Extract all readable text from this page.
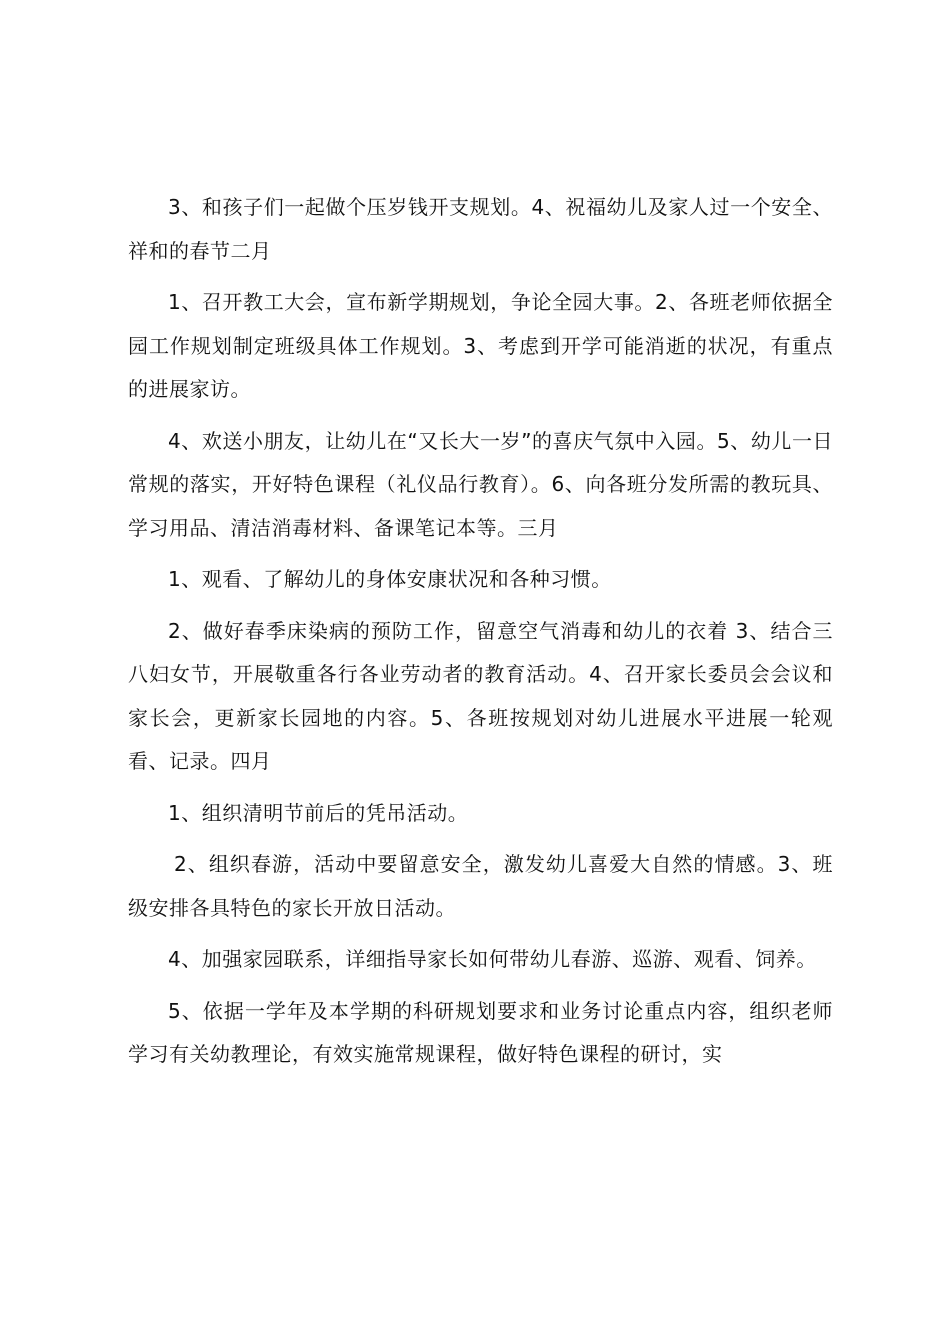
3、和孩子们一起做个压岁钱开支规划。4、祝福幼儿及家人过一个安全、祥和的春节二月

1、召开教工大会，宣布新学期规划，争论全园大事。2、各班老师依据全园工作规划制定班级具体工作规划。3、考虑到开学可能消逝的状况，有重点的进展家访。

4、欢送小朋友，让幼儿在“又长大一岁”的喜庆气氛中入园。5、幼儿一日常规的落实，开好特色课程（礼仪品行教育）。6、向各班分发所需的教玩具、学习用品、清洁消毒材料、备课笔记本等。三月

1、观看、了解幼儿的身体安康状况和各种习惯。

2、做好春季床染病的预防工作，留意空气消毒和幼儿的衣着 3、结合三八妇女节，开展敬重各行各业劳动者的教育活动。4、召开家长委员会会议和家长会，更新家长园地的内容。5、各班按规划对幼儿进展水平进展一轮观看、记录。四月

1、组织清明节前后的凭吊活动。

2、组织春游，活动中要留意安全，激发幼儿喜爱大自然的情感。3、班级安排各具特色的家长开放日活动。

4、加强家园联系，详细指导家长如何带幼儿春游、巡游、观看、饲养。

5、依据一学年及本学期的科研规划要求和业务讨论重点内容，组织老师学习有关幼教理论，有效实施常规课程，做好特色课程的研讨，实
